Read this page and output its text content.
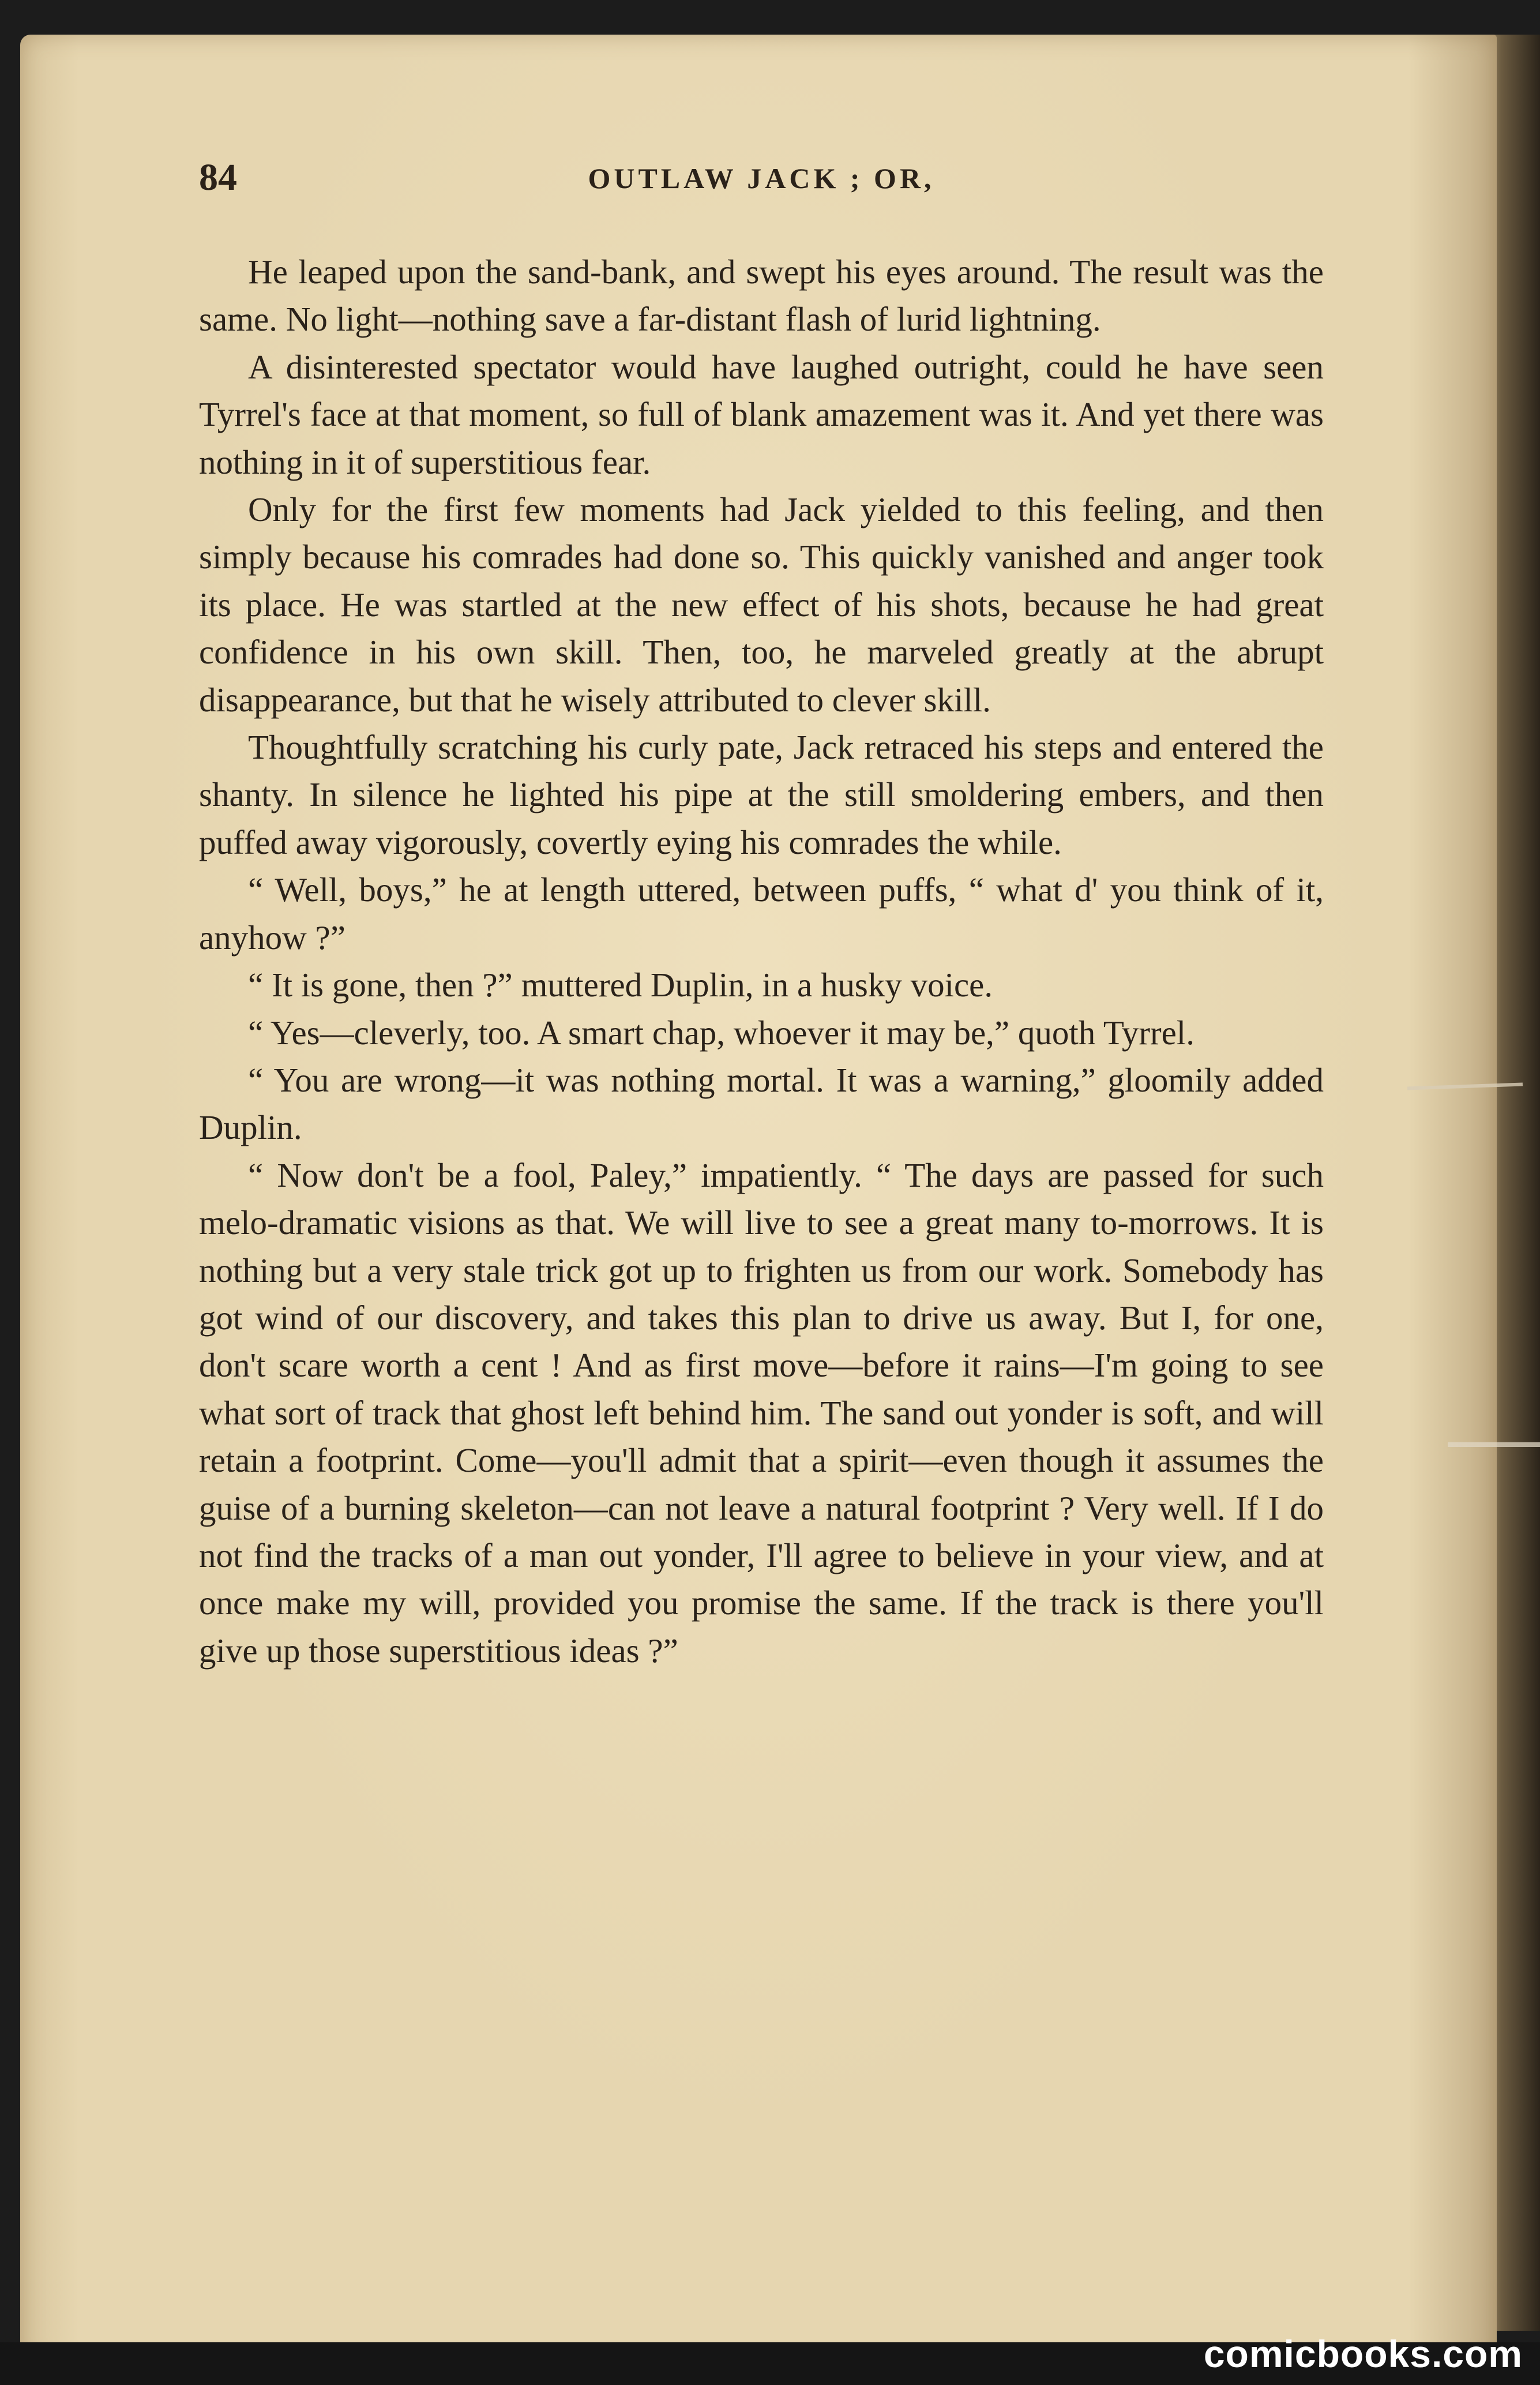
84	OUTLAW JACK ; OR,

He leaped upon the sand-bank, and swept his eyes around. The result was the same. No light—nothing save a far-distant flash of lurid lightning.

A disinterested spectator would have laughed outright, could he have seen Tyrrel's face at that moment, so full of blank amazement was it. And yet there was nothing in it of superstitious fear.

Only for the first few moments had Jack yielded to this feeling, and then simply because his comrades had done so. This quickly vanished and anger took its place. He was startled at the new effect of his shots, because he had great confidence in his own skill. Then, too, he marveled greatly at the abrupt disappearance, but that he wisely attributed to clever skill.

Thoughtfully scratching his curly pate, Jack retraced his steps and entered the shanty. In silence he lighted his pipe at the still smoldering embers, and then puffed away vigorously, covertly eying his comrades the while.

“ Well, boys,” he at length uttered, between puffs, “ what d' you think of it, anyhow ?”

“ It is gone, then ?” muttered Duplin, in a husky voice.

“ Yes—cleverly, too. A smart chap, whoever it may be,” quoth Tyrrel.

“ You are wrong—it was nothing mortal. It was a warning,” gloomily added Duplin.

“ Now don't be a fool, Paley,” impatiently. “ The days are passed for such melo-dramatic visions as that. We will live to see a great many to-morrows. It is nothing but a very stale trick got up to frighten us from our work. Somebody has got wind of our discovery, and takes this plan to drive us away. But I, for one, don't scare worth a cent ! And as first move—before it rains—I'm going to see what sort of track that ghost left behind him. The sand out yonder is soft, and will retain a footprint. Come—you'll admit that a spirit—even though it assumes the guise of a burning skeleton—can not leave a natural footprint ? Very well. If I do not find the tracks of a man out yonder, I'll agree to believe in your view, and at once make my will, provided you promise the same. If the track is there you'll give up those superstitious ideas ?”

comicbooks.com
